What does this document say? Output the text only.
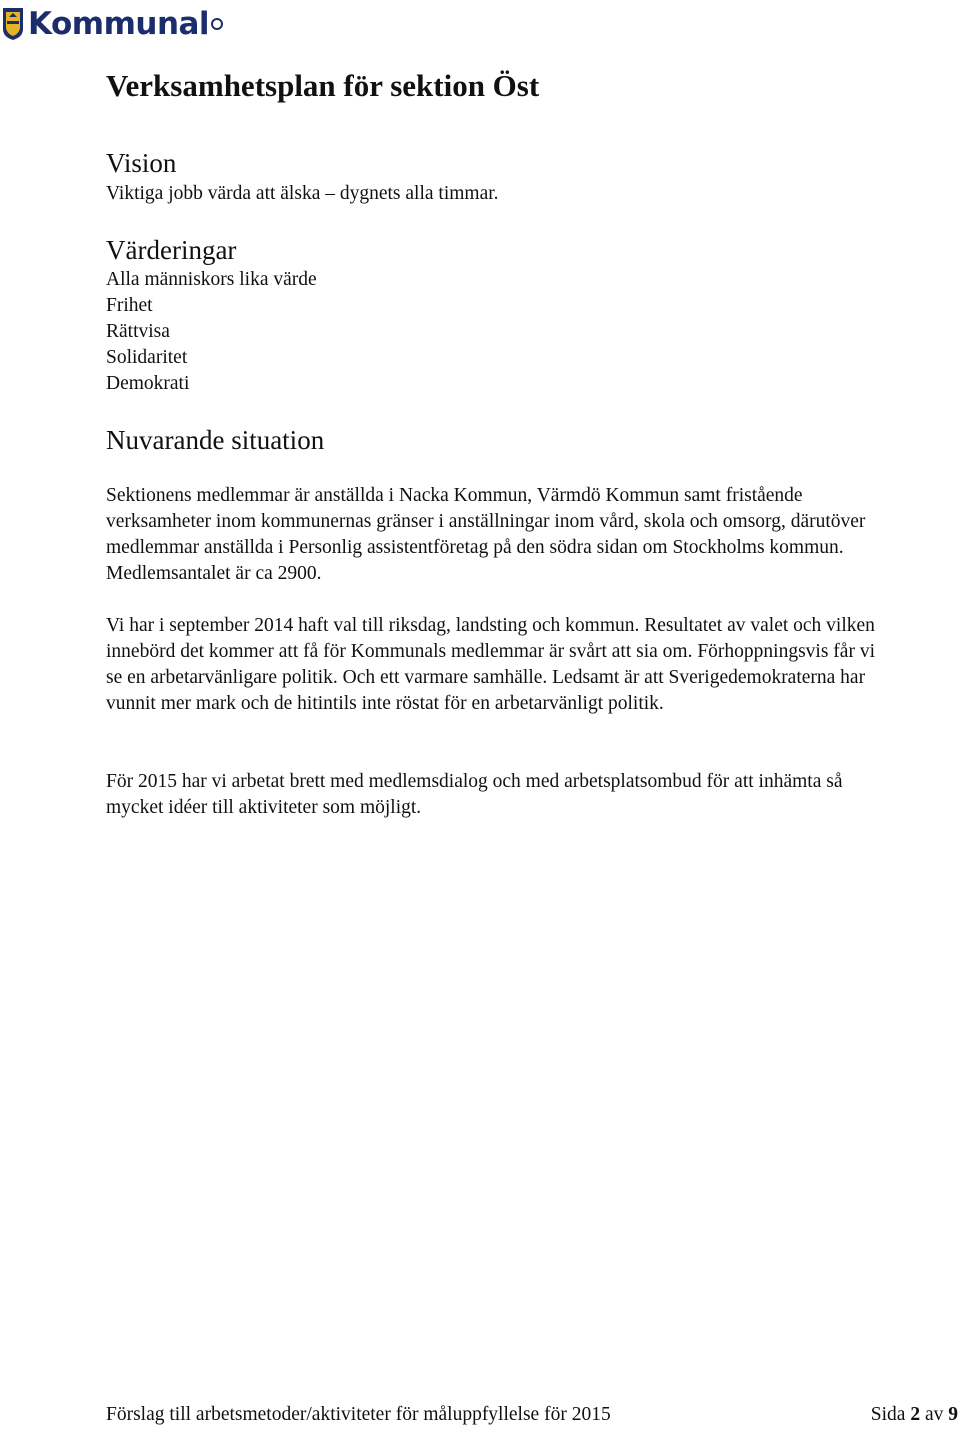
Kommunal
Verksamhetsplan för sektion Öst
Vision
Viktiga jobb värda att älska – dygnets alla timmar.
Värderingar
Alla människors lika värde
Frihet
Rättvisa
Solidaritet
Demokrati
Nuvarande situation
Sektionens medlemmar är anställda i Nacka Kommun, Värmdö Kommun samt fristående verksamheter inom kommunernas gränser i anställningar inom vård, skola och omsorg, därutöver medlemmar anställda i Personlig assistentföretag på den södra sidan om Stockholms kommun. Medlemsantalet är ca 2900.
Vi har i september 2014 haft val till riksdag, landsting och kommun. Resultatet av valet och vilken innebörd det kommer att få för Kommunals medlemmar är svårt att sia om. Förhoppningsvis får vi se en arbetarvänligare politik. Och ett varmare samhälle. Ledsamt är att Sverigedemokraterna har vunnit mer mark och de hitintils inte röstat för en arbetarvänligt politik.
För 2015 har vi arbetat brett med medlemsdialog och med arbetsplatsombud för att inhämta så mycket idéer till aktiviteter som möjligt.
Förslag till arbetsmetoder/aktiviteter för måluppfyllelse för 2015	Sida 2 av 9
